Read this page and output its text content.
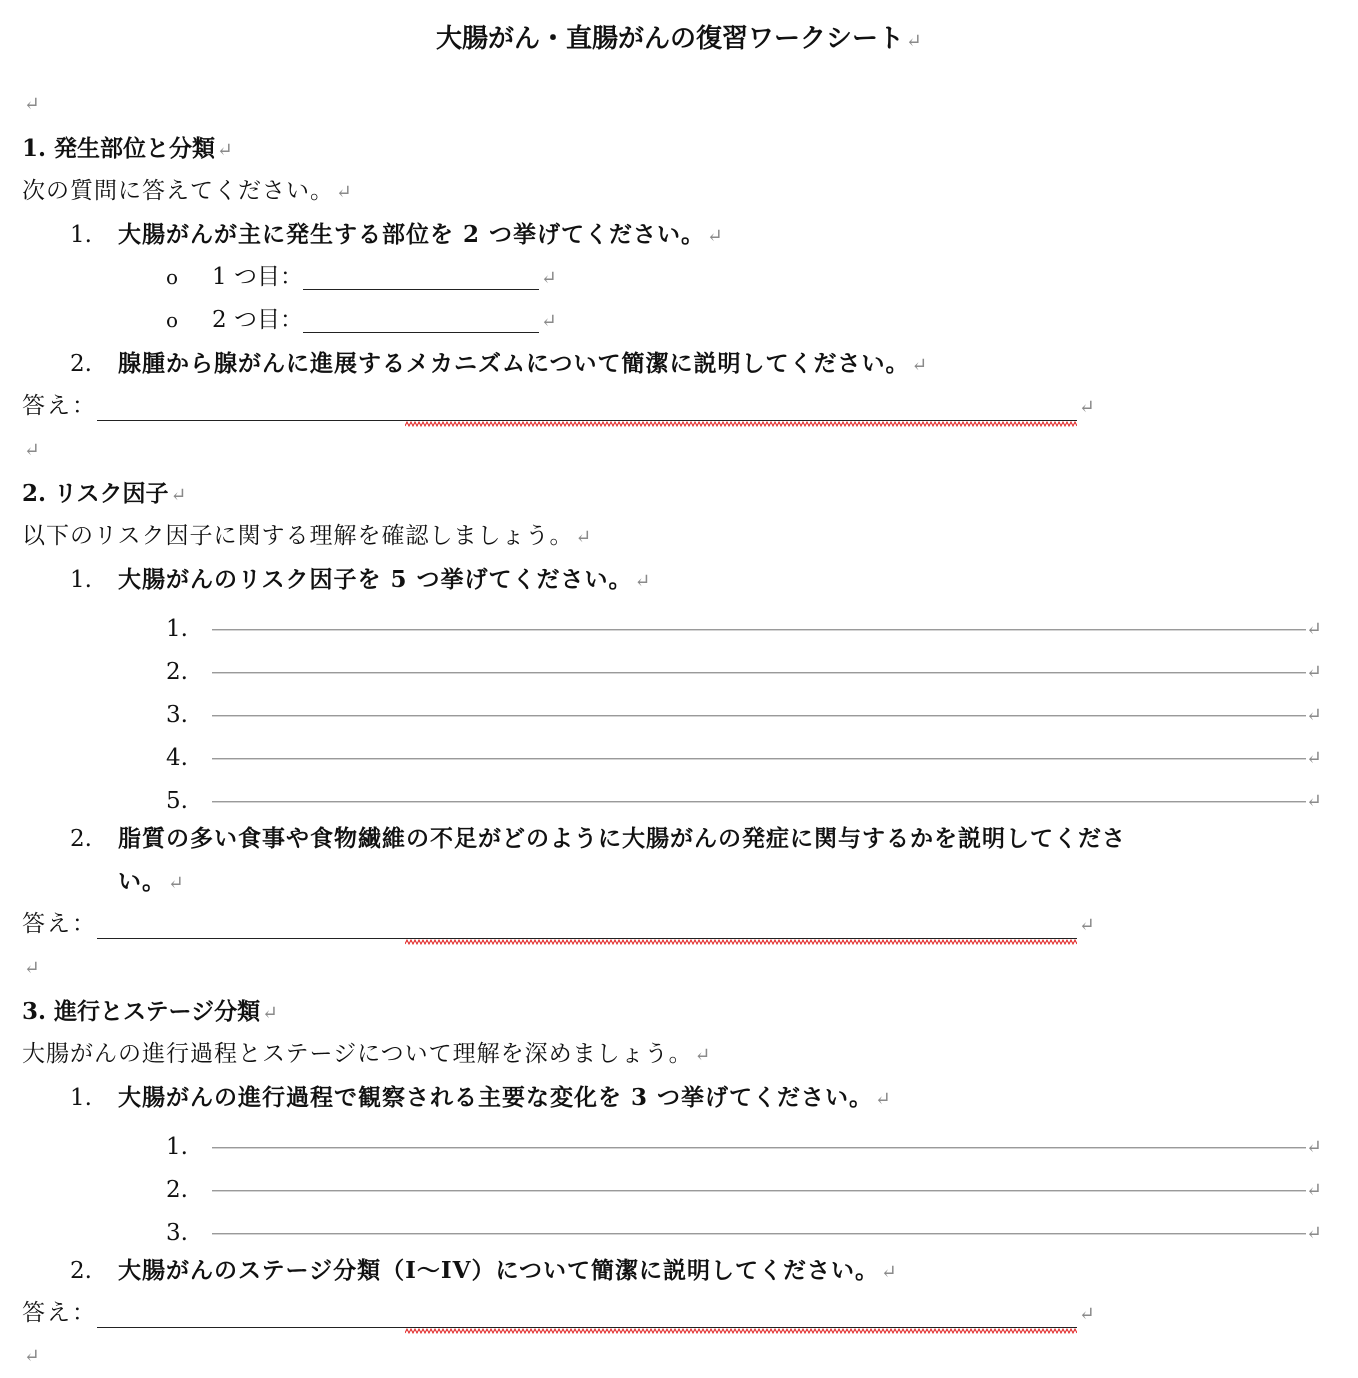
大腸がん・直腸がんの復習ワークシート ↵
↵
1. 発生部位と分類 ↵
次の質問に答えてください。 ↵
1. 大腸がんが主に発生する部位を 2 つ挙げてください。 ↵
o 1 つ目：	↵
o 2 つ目：	↵
2. 腺腫から腺がんに進展するメカニズムについて簡潔に説明してください。 ↵
答え：	↵
↵
2. リスク因子 ↵
以下のリスク因子に関する理解を確認しましょう。 ↵
1. 大腸がんのリスク因子を 5 つ挙げてください。 ↵
1.	↵
2.	↵
3.	↵
4.	↵
5.	↵
2. 脂質の多い食事や食物繊維の不足がどのように大腸がんの発症に関与するかを説明してくださ
い。 ↵
答え：	↵
↵
3. 進行とステージ分類 ↵
大腸がんの進行過程とステージについて理解を深めましょう。 ↵
1. 大腸がんの進行過程で観察される主要な変化を 3 つ挙げてください。 ↵
1.	↵
2.	↵
3.	↵
2. 大腸がんのステージ分類（I〜IV）について簡潔に説明してください。 ↵
答え：	↵
↵
